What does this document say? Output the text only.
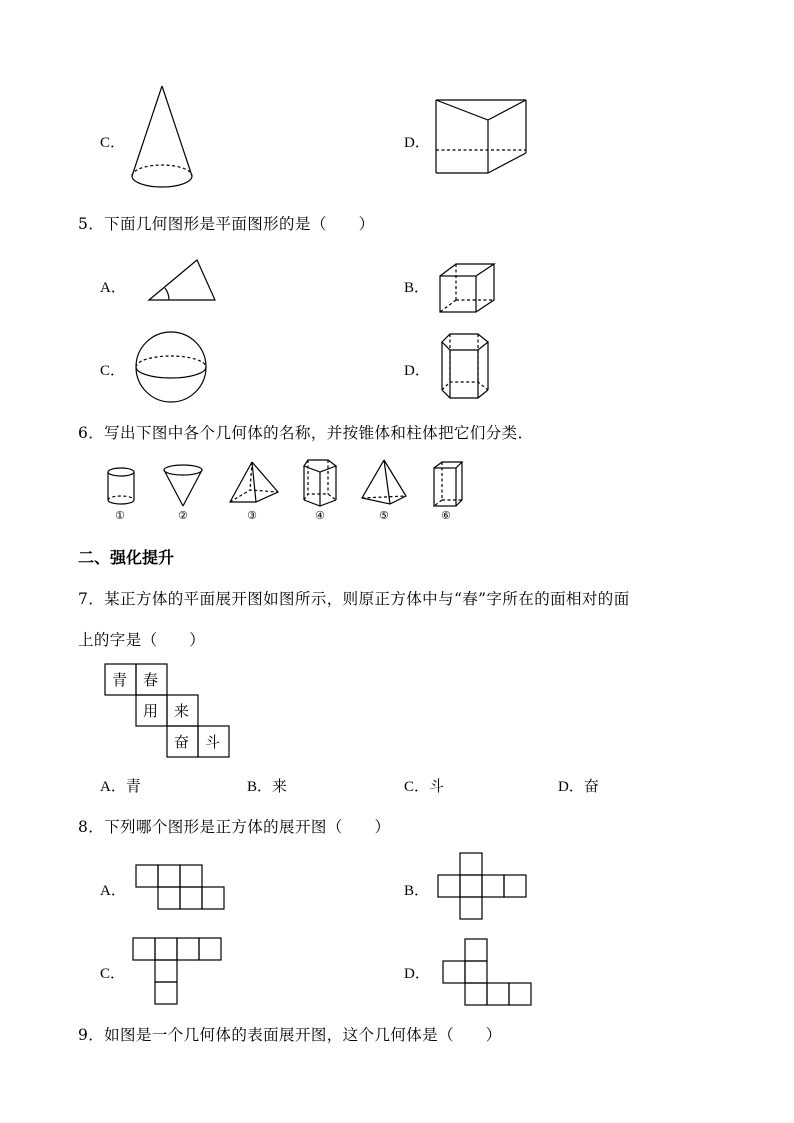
C．	D．
5．下面几何图形是平面图形的是（　　）
A．	B．
C．	D．
6．写出下图中各个几何体的名称，并按锥体和柱体把它们分类．
①	②	③	④	⑤	⑥
二、强化提升
7．某正方体的平面展开图如图所示，则原正方体中与“春”字所在的面相对的面
上的字是（　　）
青 春
用 来
奋 斗
A．青	B．来	C．斗	D．奋
8．下列哪个图形是正方体的展开图（　　）
A．	B．
C．	D．
9．如图是一个几何体的表面展开图，这个几何体是（　　）
